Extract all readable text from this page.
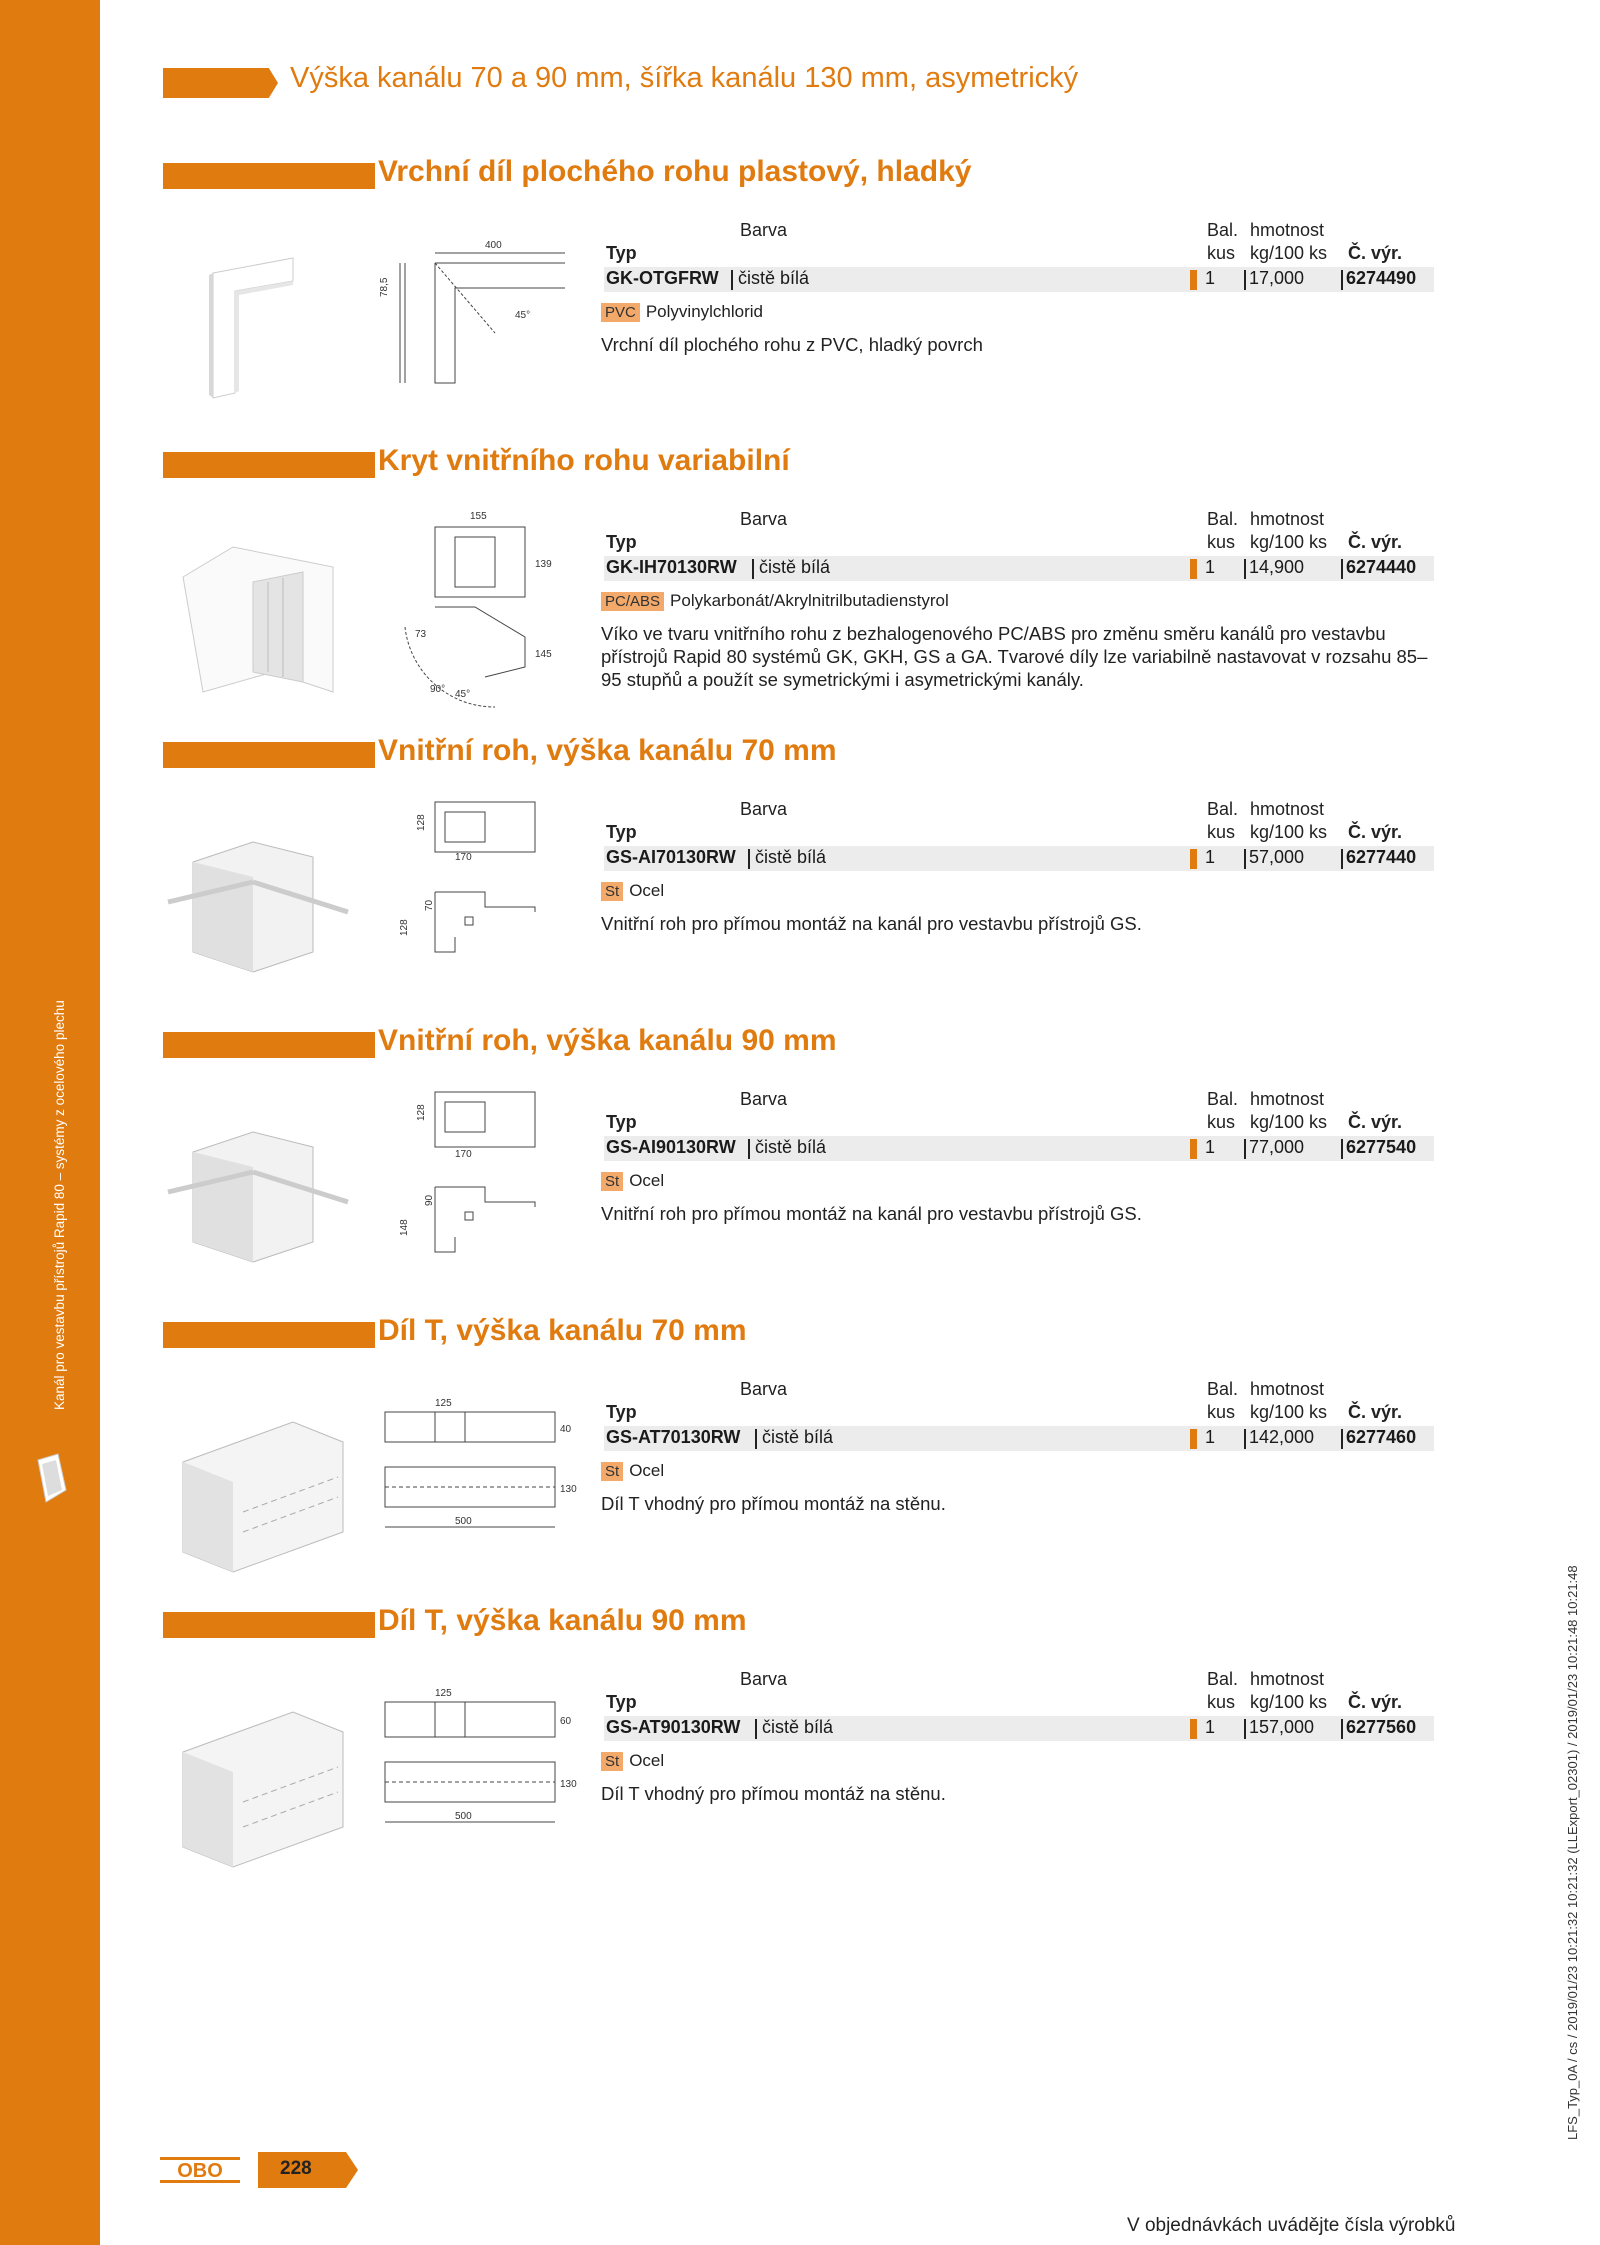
Kanál pro vestavbu přístrojů Rapid 80 – systémy z ocelového plechu
LFS_Typ_0A / cs / 2019/01/23 10:21:32 10:21:32 (LLExport_02301) / 2019/01/23 10:21:48 10:21:48
Výška kanálu 70 a 90 mm, šířka kanálu 130 mm, asymetrický
Vrchní díl plochého rohu plastový, hladký
400
78,5
45°
Barva	Bal. hmotnost
Typ	kus kg/100 ks Č. výr.
GK-OTGFRW čistě bílá	1 17,000 6274490
PVC Polyvinylchlorid
Vrchní díl plochého rohu z PVC, hladký povrch
Kryt vnitřního rohu variabilní
155
139
145
73
90° 45°
Barva	Bal. hmotnost
Typ	kus kg/100 ks Č. výr.
GK-IH70130RW čistě bílá	1 14,900 6274440
PC/ABS Polykarbonát/Akrylnitrilbutadienstyrol
Víko ve tvaru vnitřního rohu z bezhalogenového PC/ABS pro změnu směru kanálů pro vestavbu přístrojů Rapid 80 systémů GK, GKH, GS a GA. Tvarové díly lze variabilně nastavovat v rozsahu 85–95 stupňů a použít se symetrickými i asymetrickými kanály.
Vnitřní roh, výška kanálu 70 mm
128
170
128
70
Barva	Bal. hmotnost
Typ	kus kg/100 ks Č. výr.
GS-AI70130RW čistě bílá	1 57,000 6277440
St Ocel
Vnitřní roh pro přímou montáž na kanál pro vestavbu přístrojů GS.
Vnitřní roh, výška kanálu 90 mm
128
170
148
90
Barva	Bal. hmotnost
Typ	kus kg/100 ks Č. výr.
GS-AI90130RW čistě bílá	1 77,000 6277540
St Ocel
Vnitřní roh pro přímou montáž na kanál pro vestavbu přístrojů GS.
Díl T, výška kanálu 70 mm
125
40
130
500
Barva	Bal. hmotnost
Typ	kus kg/100 ks Č. výr.
GS-AT70130RW čistě bílá	1 142,000 6277460
St Ocel
Díl T vhodný pro přímou montáž na stěnu.
Díl T, výška kanálu 90 mm
125
60
130
500
Barva	Bal. hmotnost
Typ	kus kg/100 ks Č. výr.
GS-AT90130RW čistě bílá	1 157,000 6277560
St Ocel
Díl T vhodný pro přímou montáž na stěnu.
OBO	228
V objednávkách uvádějte čísla výrobků
